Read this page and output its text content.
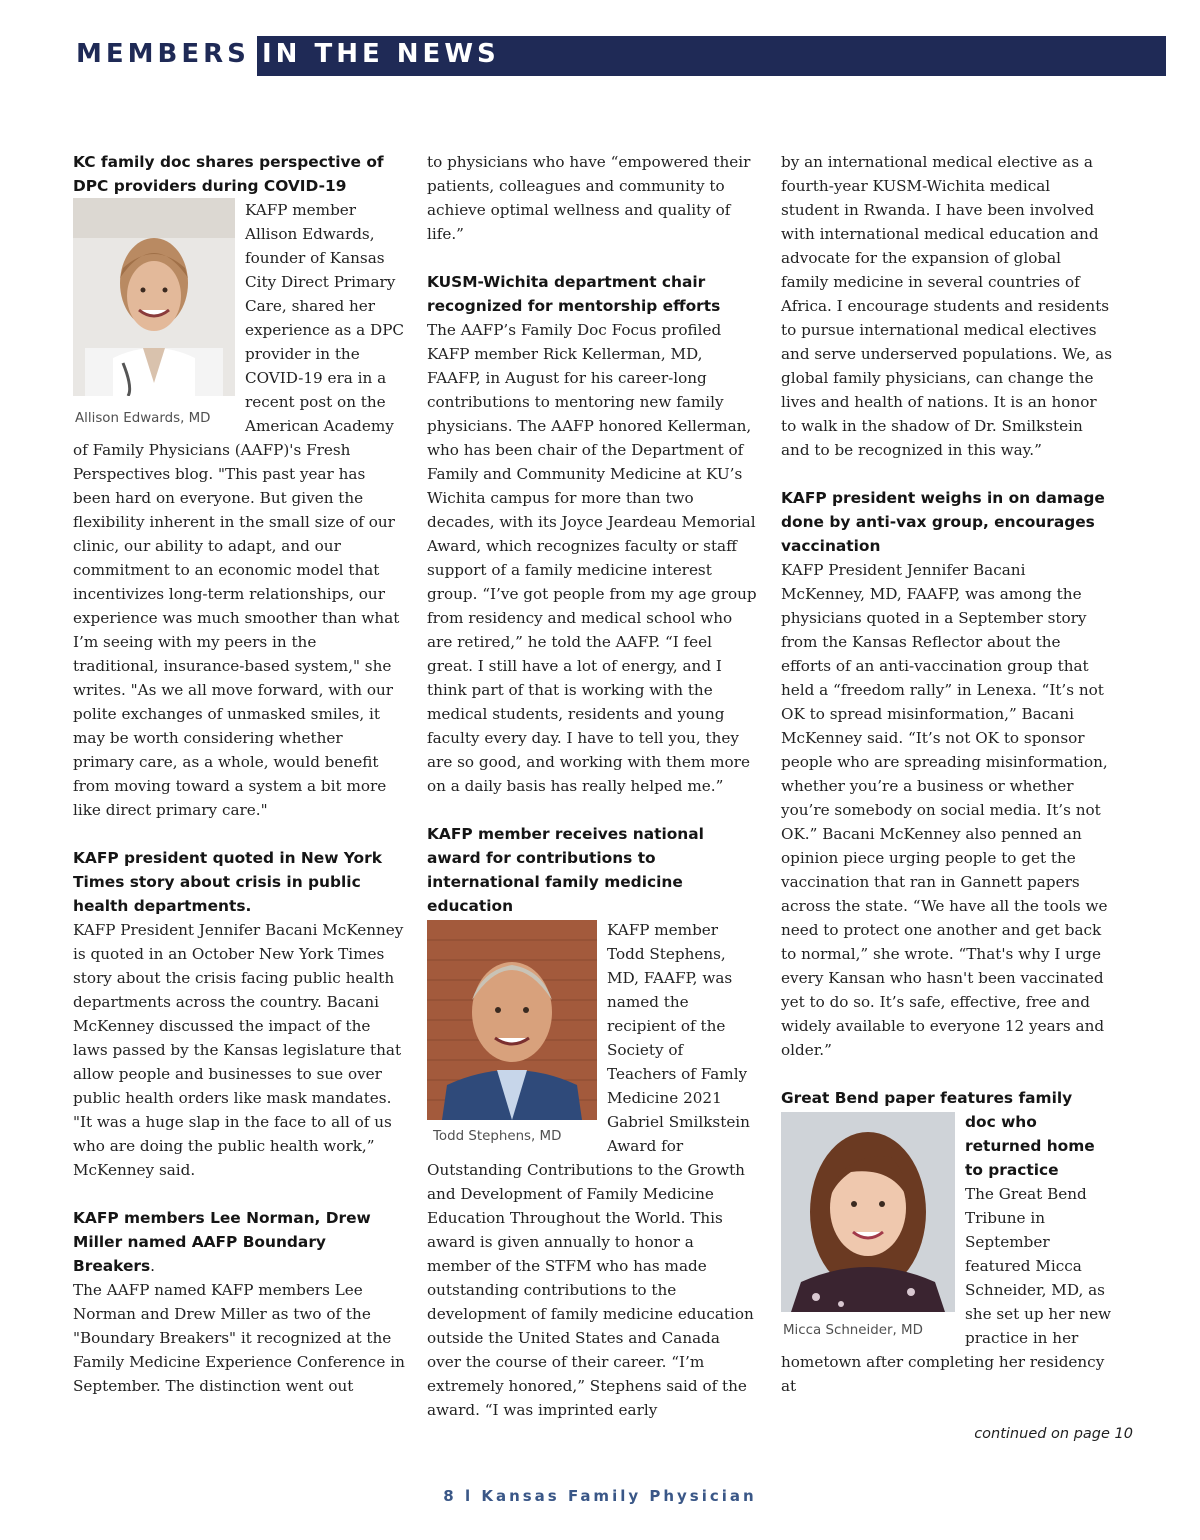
MEMBERS IN THE NEWS
KC family doc shares perspective of DPC providers during COVID-19
Allison Edwards, MD
KAFP member Allison Edwards, founder of Kansas City Direct Primary Care, shared her experience as a DPC provider in the COVID-19 era in a recent post on the American Academy of Family Physicians (AAFP)'s Fresh Perspectives blog. "This past year has been hard on everyone. But given the flexibility inherent in the small size of our clinic, our ability to adapt, and our commitment to an economic model that incentivizes long-term relationships, our experience was much smoother than what I’m seeing with my peers in the traditional, insurance-based system," she writes. "As we all move forward, with our polite exchanges of unmasked smiles, it may be worth considering whether primary care, as a whole, would benefit from moving toward a system a bit more like direct primary care."
KAFP president quoted in New York Times story about crisis in public health departments.
KAFP President Jennifer Bacani McKenney is quoted in an October New York Times story about the crisis facing public health departments across the country. Bacani McKenney discussed the impact of the laws passed by the Kansas legislature that allow people and businesses to sue over public health orders like mask mandates. "It was a huge slap in the face to all of us who are doing the public health work,” McKenney said.
KAFP members Lee Norman, Drew Miller named AAFP Boundary Breakers.
The AAFP named KAFP members Lee Norman and Drew Miller as two of the "Boundary Breakers" it recognized at the Family Medicine Experience Conference in September. The distinction went out
to physicians who have “empowered their patients, colleagues and community to achieve optimal wellness and quality of life.”
KUSM-Wichita department chair recognized for mentorship efforts
The AAFP’s Family Doc Focus profiled KAFP member Rick Kellerman, MD, FAAFP, in August for his career-long contributions to mentoring new family physicians. The AAFP honored Kellerman, who has been chair of the Department of Family and Community Medicine at KU’s Wichita campus for more than two decades, with its Joyce Jeardeau Memorial Award, which recognizes faculty or staff support of a family medicine interest group. “I’ve got people from my age group from residency and medical school who are retired,” he told the AAFP. “I feel great. I still have a lot of energy, and I think part of that is working with the medical students, residents and young faculty every day. I have to tell you, they are so good, and working with them more on a daily basis has really helped me.”
KAFP member receives national award for contributions to international family medicine education
Todd Stephens, MD
KAFP member Todd Stephens, MD, FAAFP, was named the recipient of the Society of Teachers of Famly Medicine 2021 Gabriel Smilkstein Award for Outstanding Contributions to the Growth and Development of Family Medicine Education Throughout the World. This award is given annually to honor a member of the STFM who has made outstanding contributions to the development of family medicine education outside the United States and Canada over the course of their career. “I’m extremely honored,” Stephens said of the award. “I was imprinted early
by an international medical elective as a fourth-year KUSM-Wichita medical student in Rwanda. I have been involved with international medical education and advocate for the expansion of global family medicine in several countries of Africa. I encourage students and residents to pursue international medical electives and serve underserved populations. We, as global family physicians, can change the lives and health of nations. It is an honor to walk in the shadow of Dr. Smilkstein and to be recognized in this way.”
KAFP president weighs in on damage done by anti-vax group, encourages vaccination
KAFP President Jennifer Bacani McKenney, MD, FAAFP, was among the physicians quoted in a September story from the Kansas Reflector about the efforts of an anti-vaccination group that held a “freedom rally” in Lenexa. “It’s not OK to spread misinformation,” Bacani McKenney said. “It’s not OK to sponsor people who are spreading misinformation, whether you’re a business or whether you’re somebody on social media. It’s not OK.” Bacani McKenney also penned an opinion piece urging people to get the vaccination that ran in Gannett papers across the state. “We have all the tools we need to protect one another and get back to normal,” she wrote. “That's why I urge every Kansan who hasn't been vaccinated yet to do so. It’s safe, effective, free and widely available to everyone 12 years and older.”
Great Bend paper features family
Micca Schneider, MD
doc who returned home to practice
The Great Bend Tribune in September featured Micca Schneider, MD, as she set up her new practice in her hometown after completing her residency at
continued on page 10
8 l Kansas Family Physician
